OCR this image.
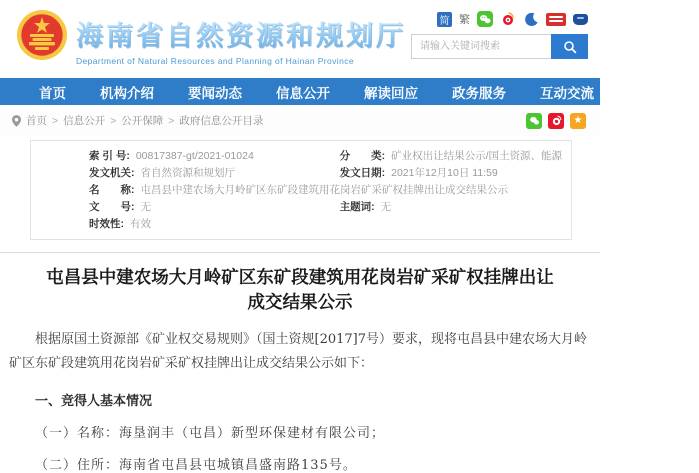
海南省自然资源和规划厅
Department of Natural Resources and Planning of Hainan Province
简 繁
请输入关键词搜索
首页	机构介绍	要闻动态	信息公开	解读回应	政务服务	互动交流	数据开放
首页 > 信息公开 > 公开保障 > 政府信息公开目录	★
索 引 号: 00817387-gt/2021-01024	分　　类: 矿业权出让结果公示/国土资源、能源
发文机关: 省自然资源和规划厅	发文日期: 2021年12月10日 11:59
名　　称: 屯昌县中建农场大月岭矿区东矿段建筑用花岗岩矿采矿权挂牌出让成交结果公示
文　　号: 无	主题词: 无
时效性: 有效
屯昌县中建农场大月岭矿区东矿段建筑用花岗岩矿采矿权挂牌出让成交结果公示
根据原国土资源部《矿业权交易规则》（国土资规[2017]7号）要求，现将屯昌县中建农场大月岭矿区东矿段建筑用花岗岩矿采矿权挂牌出让成交结果公示如下：
一、竞得人基本情况
（一）名称：海垦润丰（屯昌）新型环保建材有限公司；
（二）住所：海南省屯昌县屯城镇昌盛南路135号。
